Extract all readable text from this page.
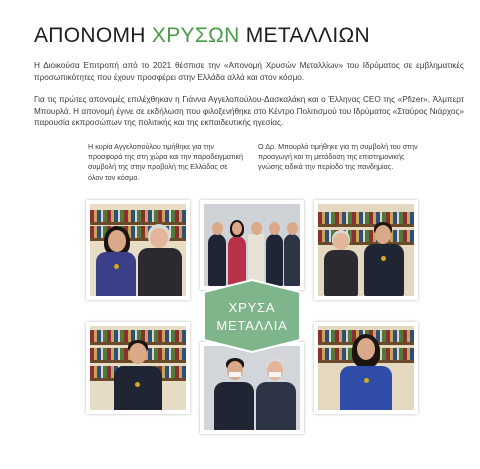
ΑΠΟΝΟΜΗ ΧΡΥΣΩΝ ΜΕΤΑΛΛΙΩΝ

Η Διοικούσα Επιτροπή από το 2021 θέσπισε την «Απονομή Χρυσών Μεταλλίων» του Ιδρύματος σε εμβληματικές προσωπικότητες που έχουν προσφέρει στην Ελλάδα αλλά και στον κόσμο.

Για τις πρώτες απονομές επιλέχθηκαν η Γιάννα Αγγελοπούλου-Δασκαλάκη και ο Έλληνας CEO της «Pfizer», Άλμπερτ Μπουρλά. Η απονομή έγινε σε εκδήλωση που φιλοξενήθηκε στο Κέντρο Πολιτισμού του Ιδρύματος «Σταύρος Νιάρχος» παρουσία εκπροσώπων της πολιτικής και της εκπαιδευτικής ηγεσίας.

Η κυρία Αγγελοπούλου τιμήθηκε για την προσφορά της στη χώρα και την παραδειγματική συμβολή της στην προβολή της Ελλάδας σε όλον τον κόσμο.

Ο Δρ. Μπουρλά τιμήθηκε για τη συμβολή του στην προαγωγή και τη μετάδοση της επιστημονικής γνώσης ειδικά την περίοδο της πανδημίας.

ΧΡΥΣΑ
ΜΕΤΑΛΛΙΑ
